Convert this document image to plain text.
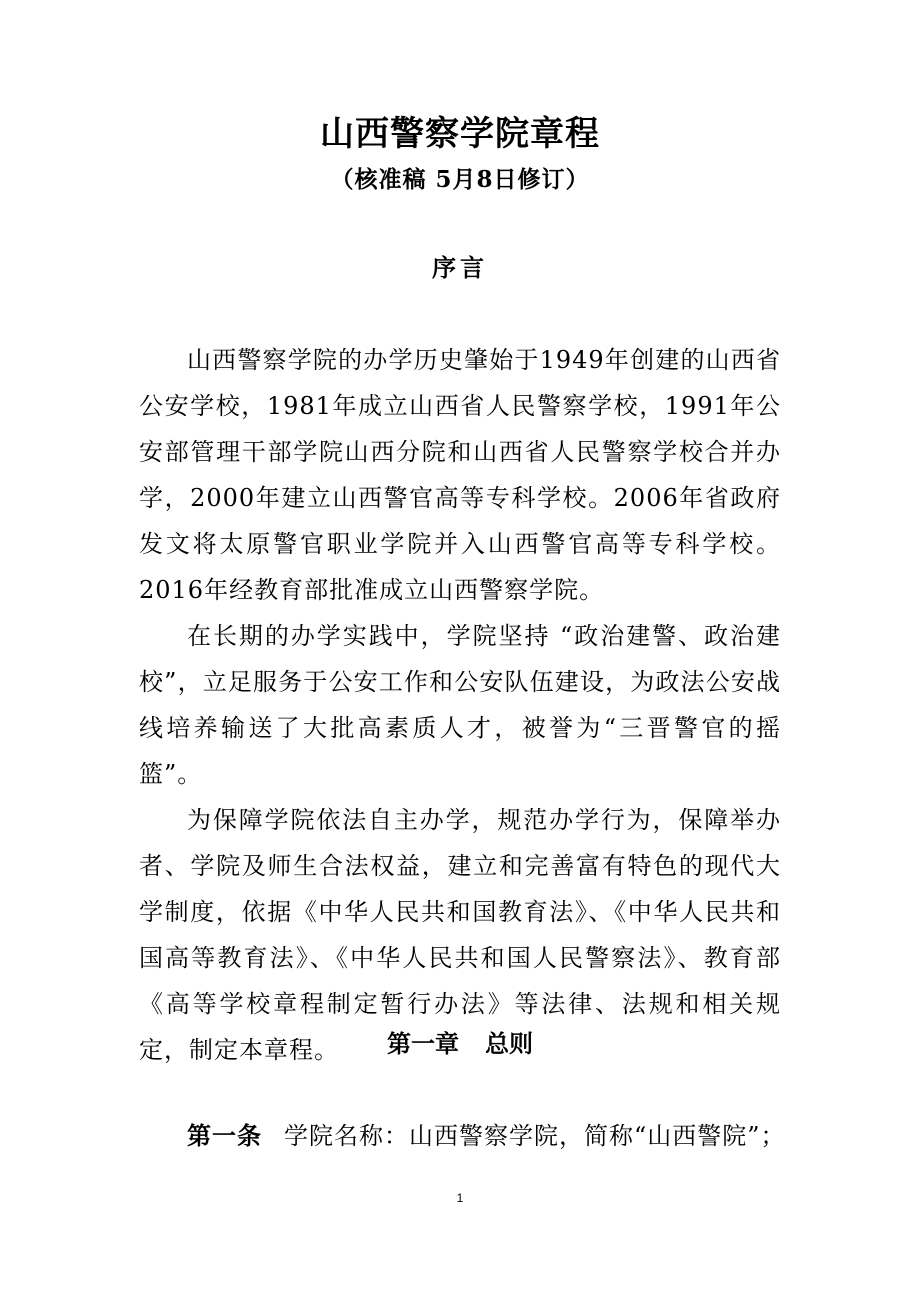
山西警察学院章程
（核准稿 5月8日修订）
序言

山西警察学院的办学历史肇始于1949年创建的山西省公安学校，1981年成立山西省人民警察学校，1991年公安部管理干部学院山西分院和山西省人民警察学校合并办学，2000年建立山西警官高等专科学校。2006年省政府发文将太原警官职业学院并入山西警官高等专科学校。2016年经教育部批准成立山西警察学院。

在长期的办学实践中，学院坚持 “政治建警、政治建校”，立足服务于公安工作和公安队伍建设，为政法公安战线培养输送了大批高素质人才，被誉为“三晋警官的摇篮”。

为保障学院依法自主办学，规范办学行为，保障举办者、学院及师生合法权益，建立和完善富有特色的现代大学制度，依据《中华人民共和国教育法》、《中华人民共和国高等教育法》、《中华人民共和国人民警察法》、教育部《高等学校章程制定暂行办法》等法律、法规和相关规定，制定本章程。	第一章 总则
第一条 学院名称：山西警察学院，简称“山西警院”；
1
